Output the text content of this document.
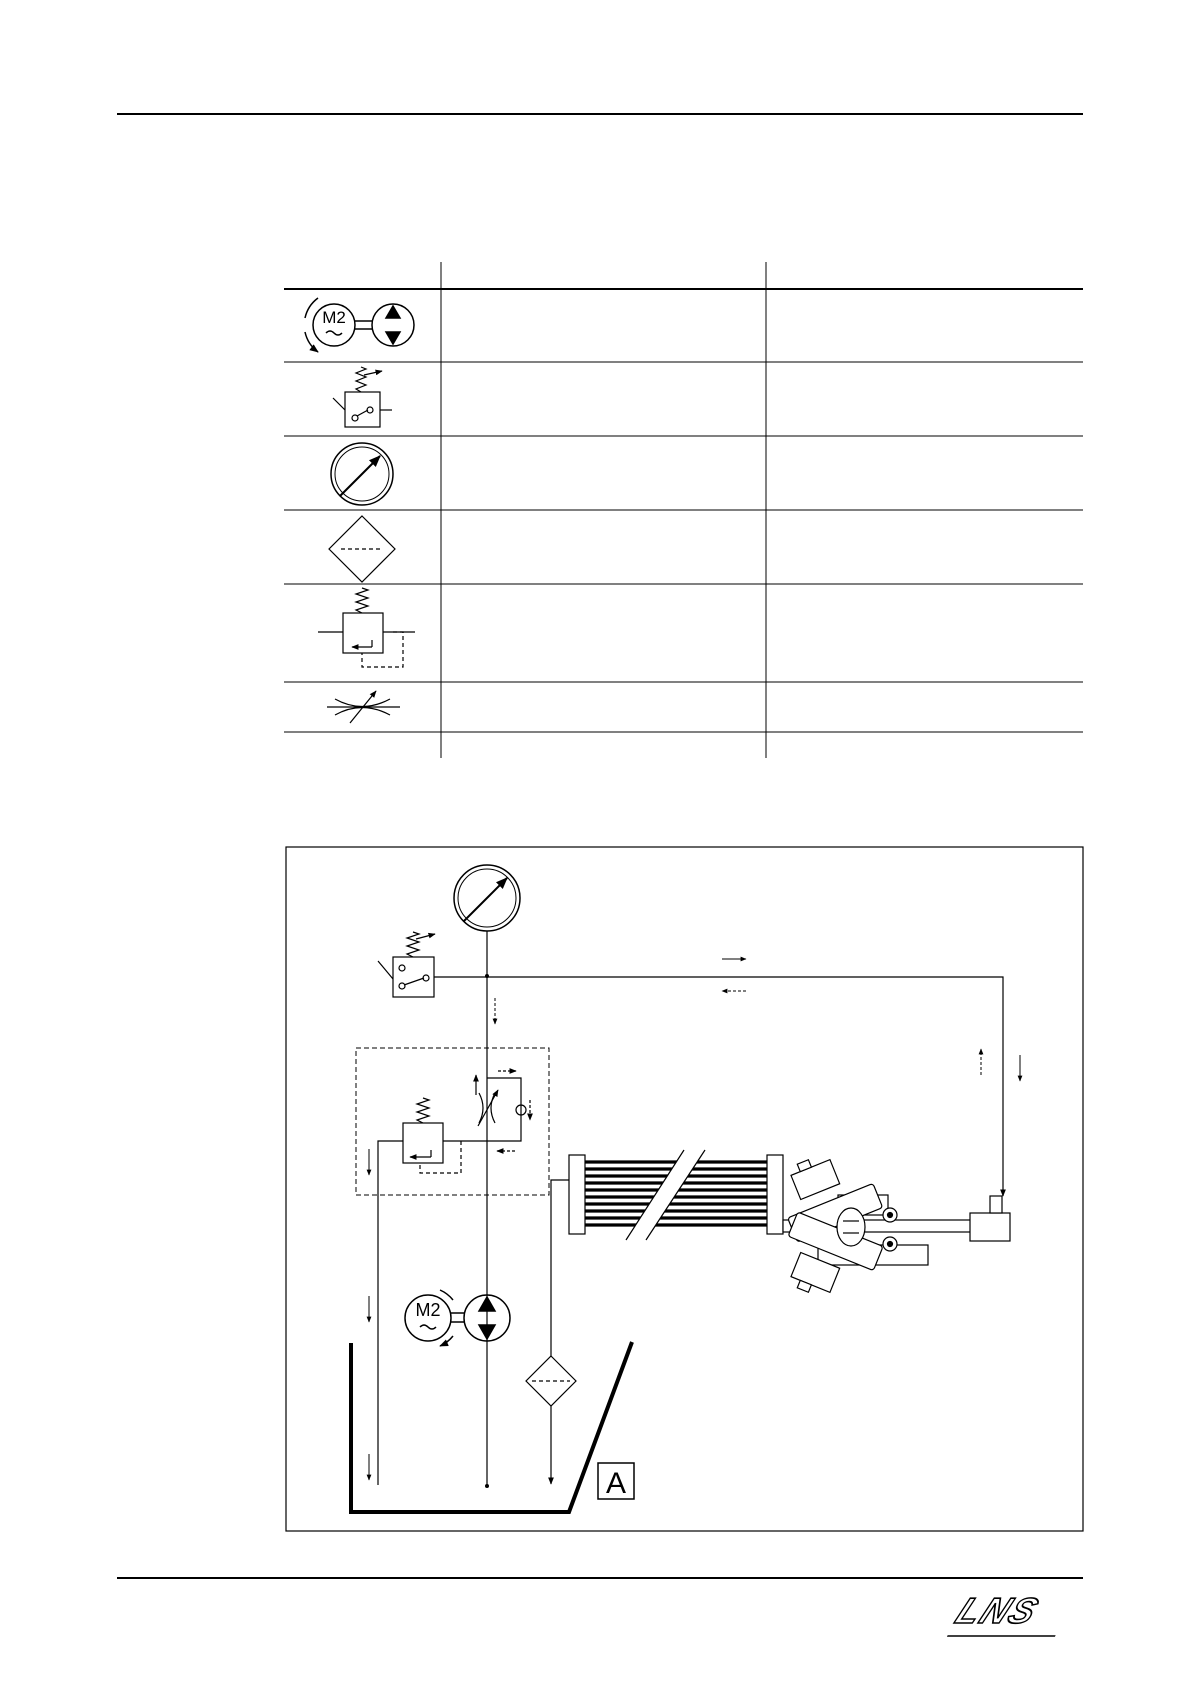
M2
M2
A
LNS
